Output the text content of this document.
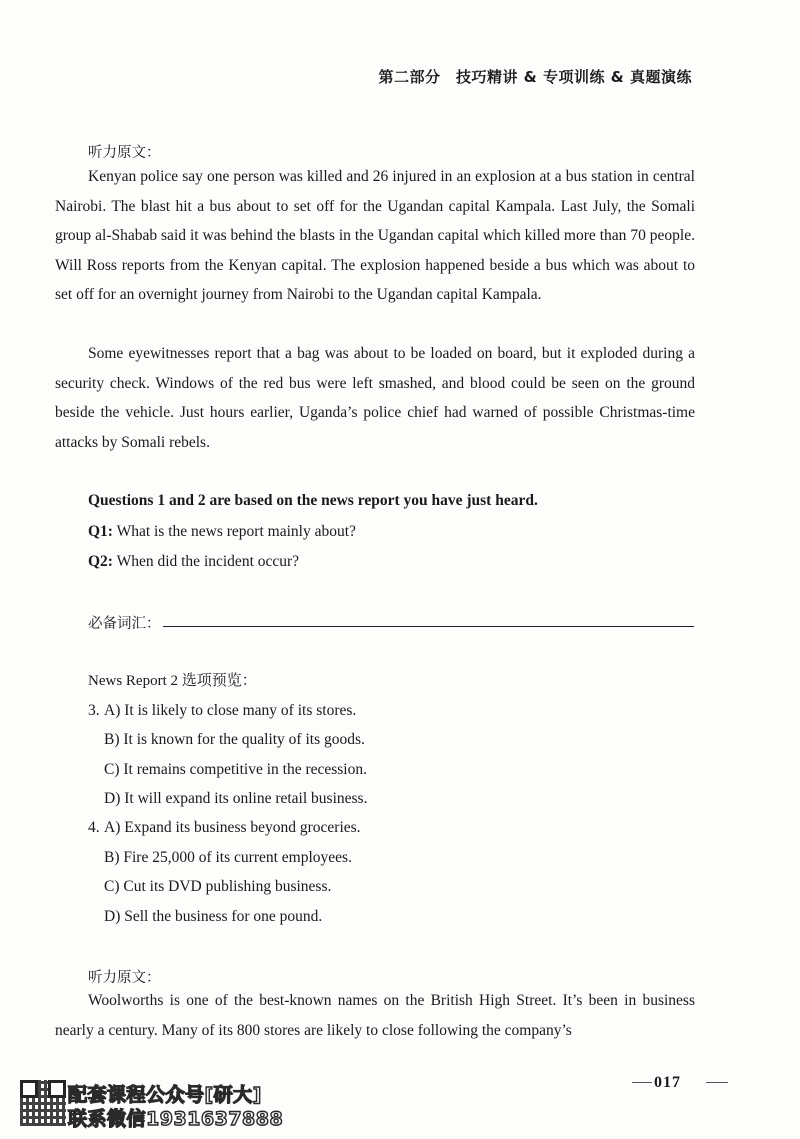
第二部分　技巧精讲 & 专项训练 & 真题演练
听力原文：

Kenyan police say one person was killed and 26 injured in an explosion at a bus station in central Nairobi. The blast hit a bus about to set off for the Ugandan capital Kampala. Last July, the Somali group al-Shabab said it was behind the blasts in the Ugandan capital which killed more than 70 people. Will Ross reports from the Kenyan capital. The explosion happened beside a bus which was about to set off for an overnight journey from Nairobi to the Ugandan capital Kampala.

Some eyewitnesses report that a bag was about to be loaded on board, but it exploded during a security check. Windows of the red bus were left smashed, and blood could be seen on the ground beside the vehicle. Just hours earlier, Uganda’s police chief had warned of possible Christmas-time attacks by Somali rebels.

Questions 1 and 2 are based on the news report you have just heard.
Q1: What is the news report mainly about?
Q2: When did the incident occur?
必备词汇：
News Report 2 选项预览：
3. A) It is likely to close many of its stores.
B) It is known for the quality of its goods.
C) It remains competitive in the recession.
D) It will expand its online retail business.
4. A) Expand its business beyond groceries.
B) Fire 25,000 of its current employees.
C) Cut its DVD publishing business.
D) Sell the business for one pound.
听力原文：

Woolworths is one of the best-known names on the British High Street. It’s been in business nearly a century. Many of its 800 stores are likely to close following the company’s

017
配套课程公众号[研大]
联系微信1931637888
